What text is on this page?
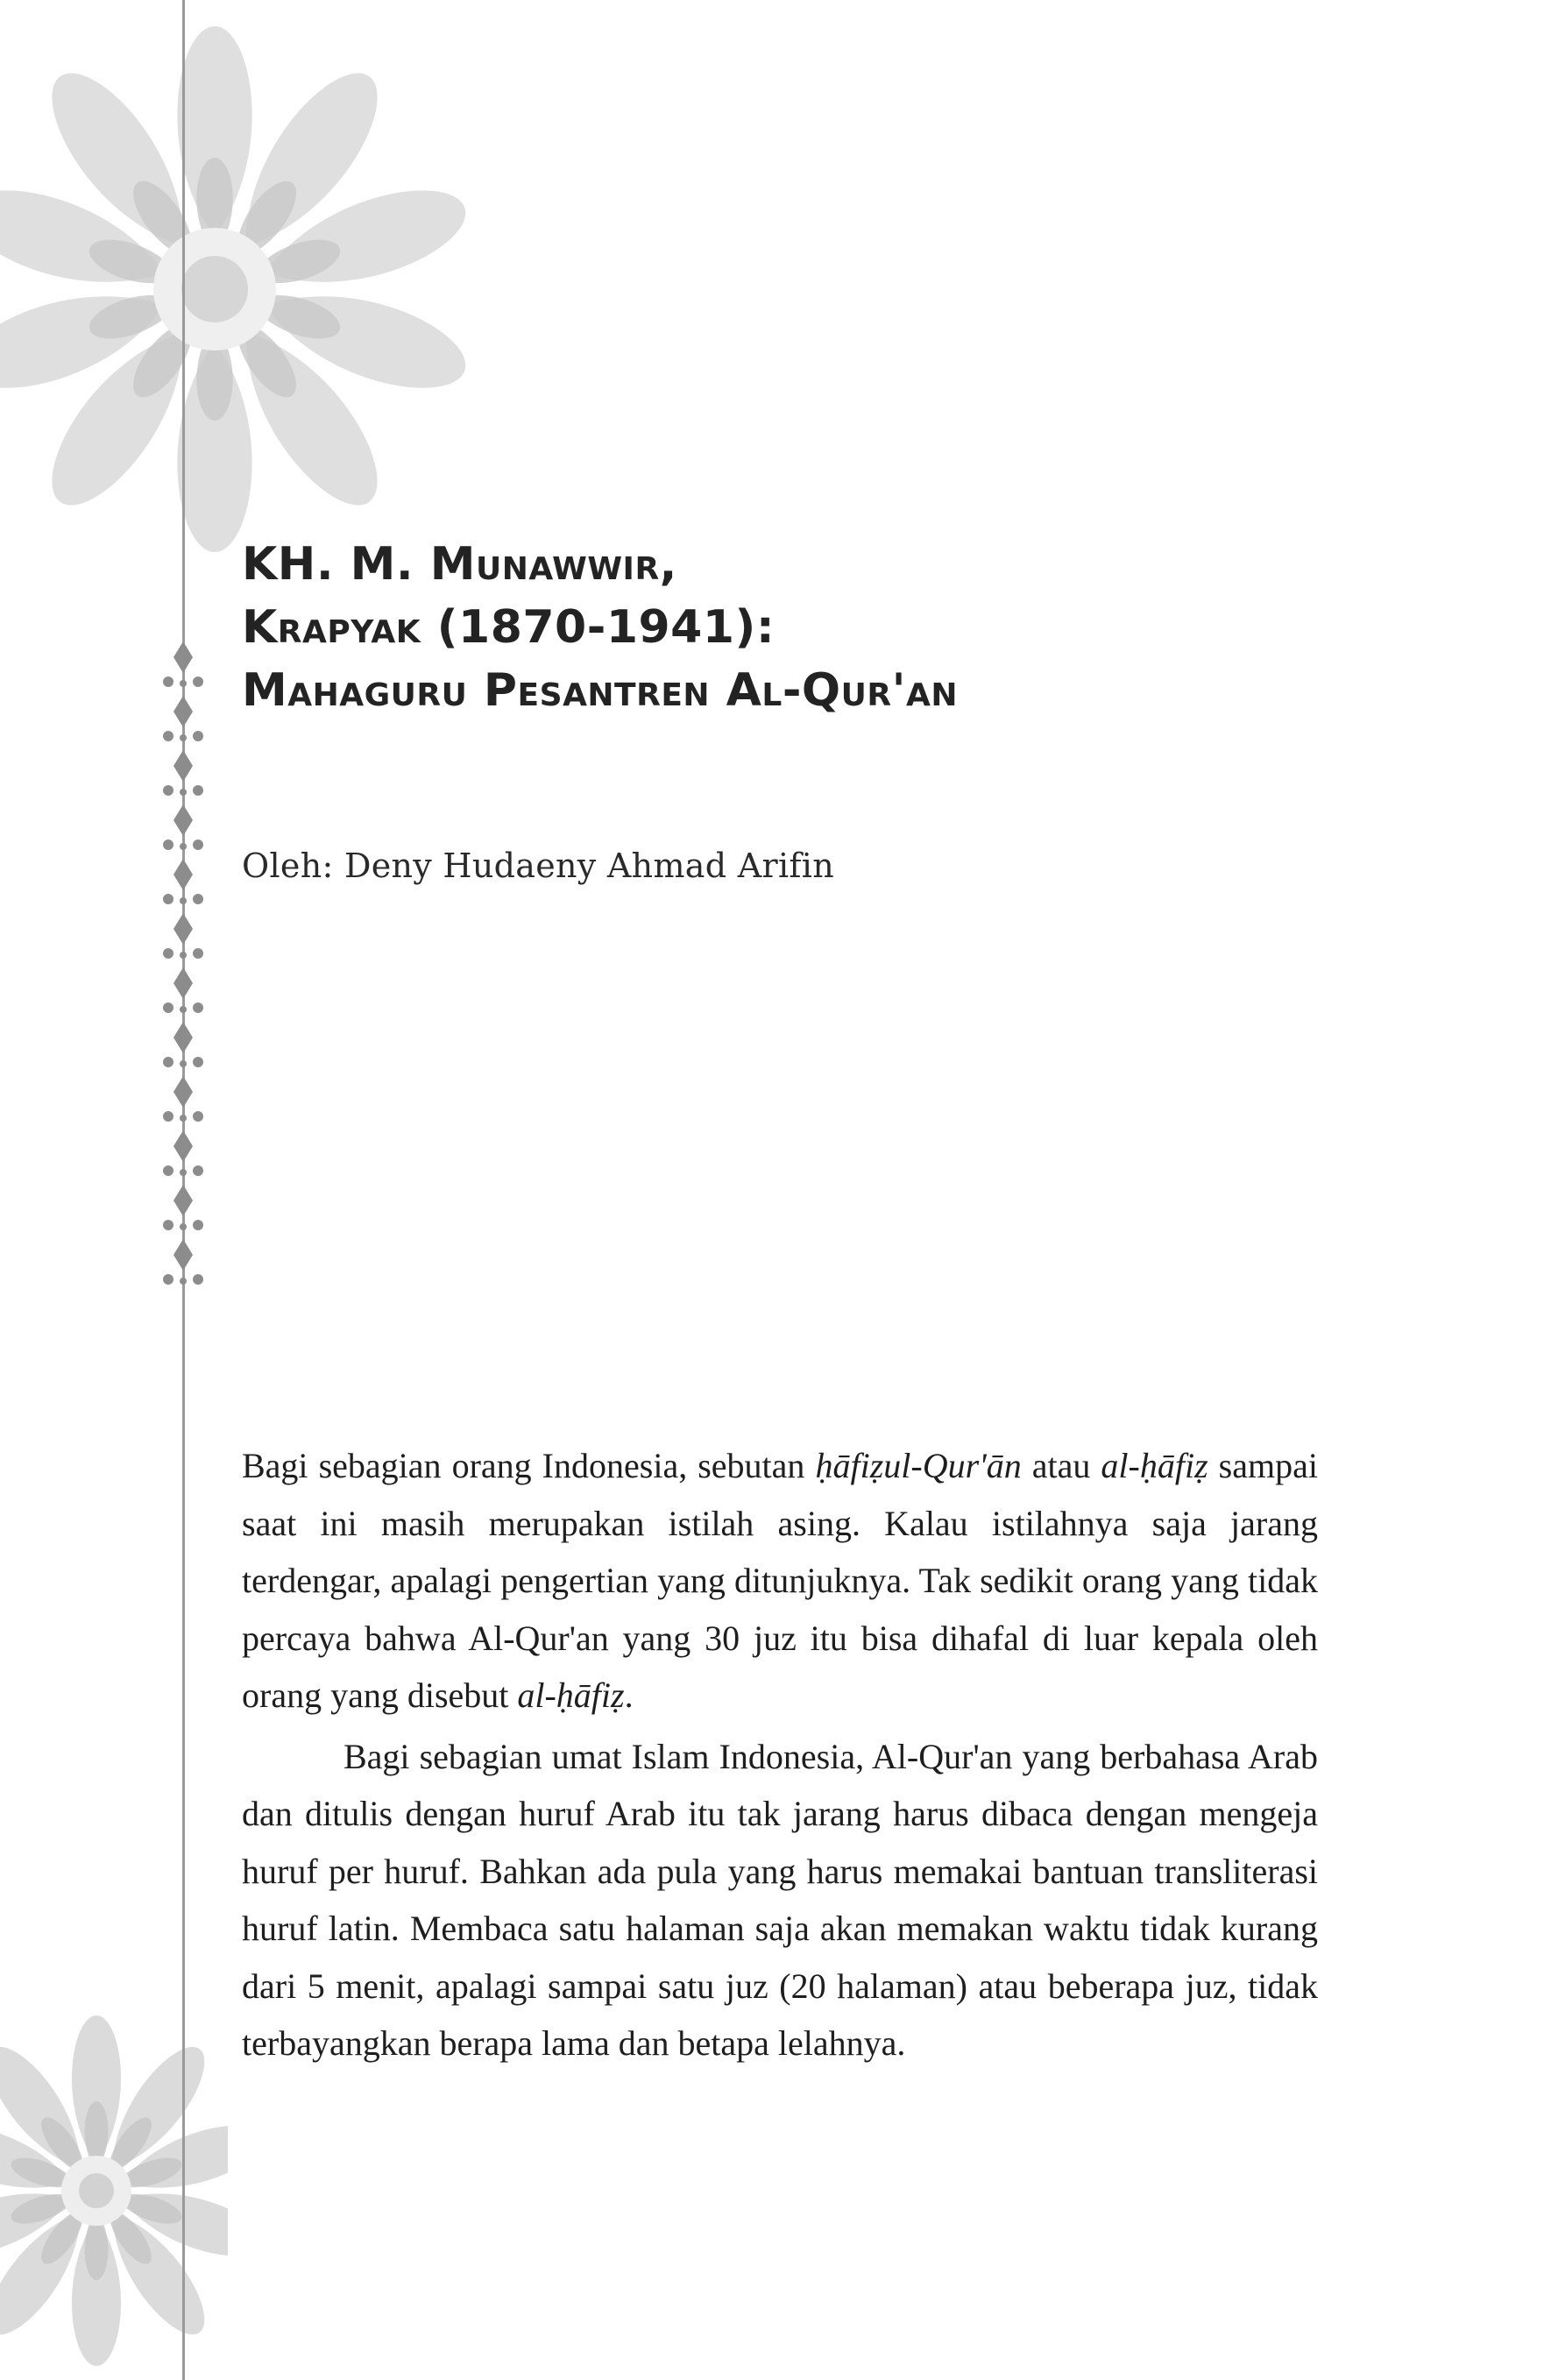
KH. M. Munawwir,
Krapyak (1870-1941):
Mahaguru Pesantren Al-Qur'an
Oleh: Deny Hudaeny Ahmad Arifin

Bagi sebagian orang Indonesia, sebutan ḥāfiẓul-Qur'ān atau al-ḥāfiẓ sampai saat ini masih merupakan istilah asing. Kalau istilahnya saja jarang terdengar, apalagi pengertian yang ditunjuknya. Tak sedikit orang yang tidak percaya bahwa Al-Qur'an yang 30 juz itu bisa dihafal di luar kepala oleh orang yang disebut al-ḥāfiẓ.

Bagi sebagian umat Islam Indonesia, Al-Qur'an yang berbahasa Arab dan ditulis dengan huruf Arab itu tak jarang harus dibaca dengan mengeja huruf per huruf. Bahkan ada pula yang harus memakai bantuan transliterasi huruf latin. Membaca satu halaman saja akan memakan waktu tidak kurang dari 5 menit, apalagi sampai satu juz (20 halaman) atau beberapa juz, tidak terbayangkan berapa lama dan betapa lelahnya.
